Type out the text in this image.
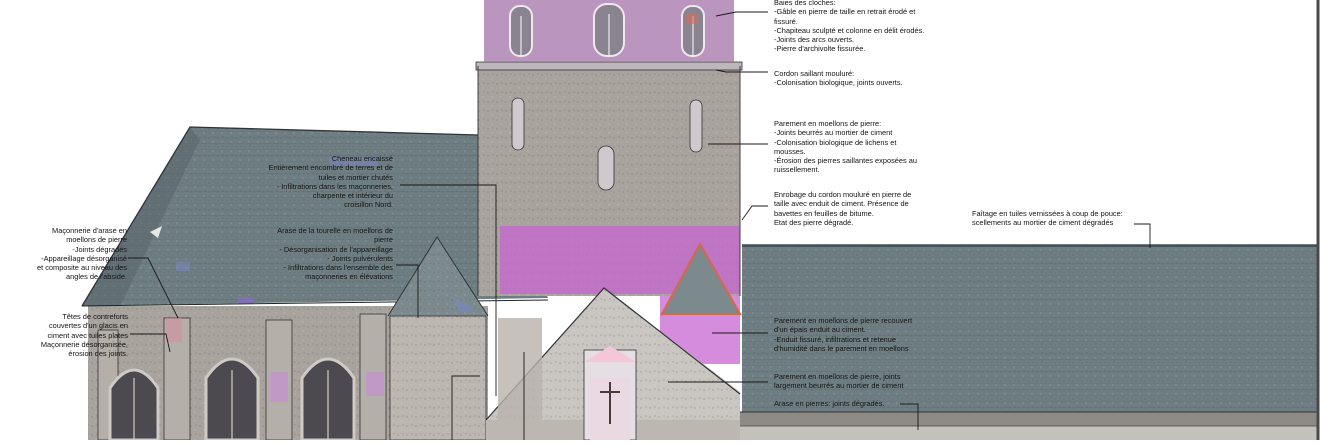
Baies des cloches:
-Gâble en pierre de taille en retrait érodé et
fissuré.
-Chapiteau sculpté et colonne en délit érodés.
-Joints des arcs ouverts.
-Pierre d'archivolte fissurée.
Cordon saillant mouluré:
-Colonisation biologique, joints ouverts.
Parement en moellons de pierre:
-Joints beurrés au mortier de ciment
-Colonisation biologique de lichens et
mousses.
-Érosion des pierres saillantes exposées au
ruissellement.
Enrobage du cordon mouluré en pierre de
taille avec enduit de ciment. Présence de
bavettes en feuilles de bitume.
Etat des pierre dégradé.
Faîtage en tuiles vernissées à coup de pouce:
scellements au mortier de ciment dégradés
Parement en moellons de pierre recouvert
d'un épais enduit au ciment.
-Enduit fissuré, infiltrations et retenue
d'humidité dans le parement en moellons
Parement en moellons de pierre, joints
largement beurrés au mortier de ciment
Arase en pierres: joints dégradés.
Cheneau encaissé
Entièrement encombré de terres et de
tuiles et mortier chutés
- Infiltrations dans les maçonneries,
charpente et intérieur du
croisillon Nord.
Arase de la tourelle en moellons de
pierre
- Désorganisation de l'appareillage
- Joints pulvérulents
- Infiltrations dans l'ensemble des
maçonneries en élévations
Maçonnerie d'arase en
moellons de pierre
-Joints dégradés
-Appareillage désorganisé
et composite au niveau des
angles de l'abside.
Têtes de contreforts
couvertes d'un glacis en
ciment avec tuiles plates
Maçonnerie désorganisée,
érosion des joints.
